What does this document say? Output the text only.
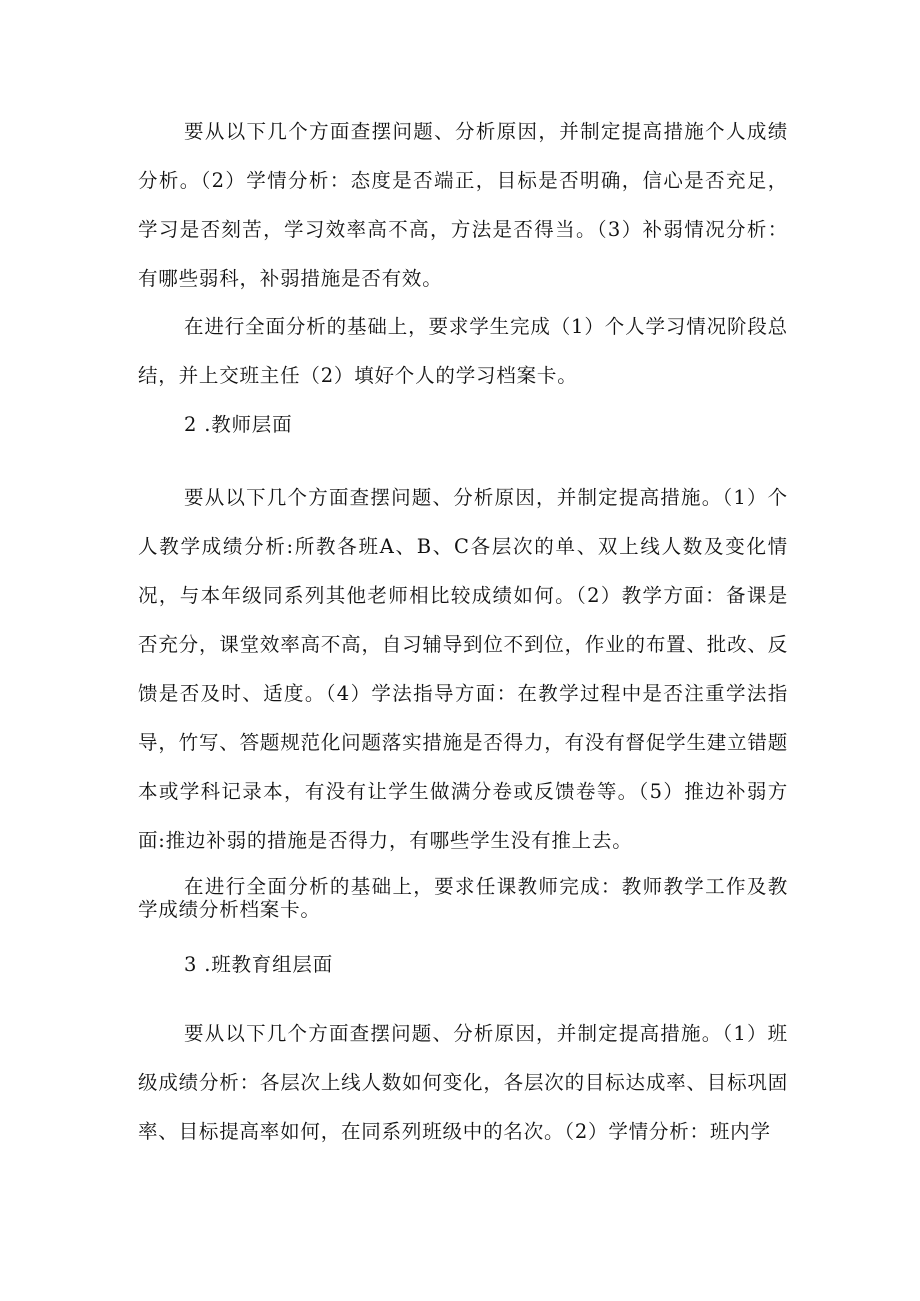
要从以下几个方面查摆问题、分析原因，并制定提高措施个人成绩分析。（2）学情分析：态度是否端正，目标是否明确，信心是否充足，学习是否刻苦，学习效率高不高，方法是否得当。（3）补弱情况分析：有哪些弱科，补弱措施是否有效。

在进行全面分析的基础上，要求学生完成（1）个人学习情况阶段总结，并上交班主任（2）填好个人的学习档案卡。

2 .教师层面

要从以下几个方面查摆问题、分析原因，并制定提高措施。（1）个人教学成绩分析:所教各班A、B、C各层次的单、双上线人数及变化情况，与本年级同系列其他老师相比较成绩如何。（2）教学方面：备课是否充分，课堂效率高不高，自习辅导到位不到位，作业的布置、批改、反馈是否及时、适度。（4）学法指导方面：在教学过程中是否注重学法指导，竹写、答题规范化问题落实措施是否得力，有没有督促学生建立错题本或学科记录本，有没有让学生做满分卷或反馈卷等。（5）推边补弱方面:推边补弱的措施是否得力，有哪些学生没有推上去。

在进行全面分析的基础上，要求任课教师完成：教师教学工作及教学成绩分析档案卡。

3 .班教育组层面

要从以下几个方面查摆问题、分析原因，并制定提高措施。（1）班级成绩分析：各层次上线人数如何变化，各层次的目标达成率、目标巩固率、目标提高率如何，在同系列班级中的名次。（2）学情分析：班内学
